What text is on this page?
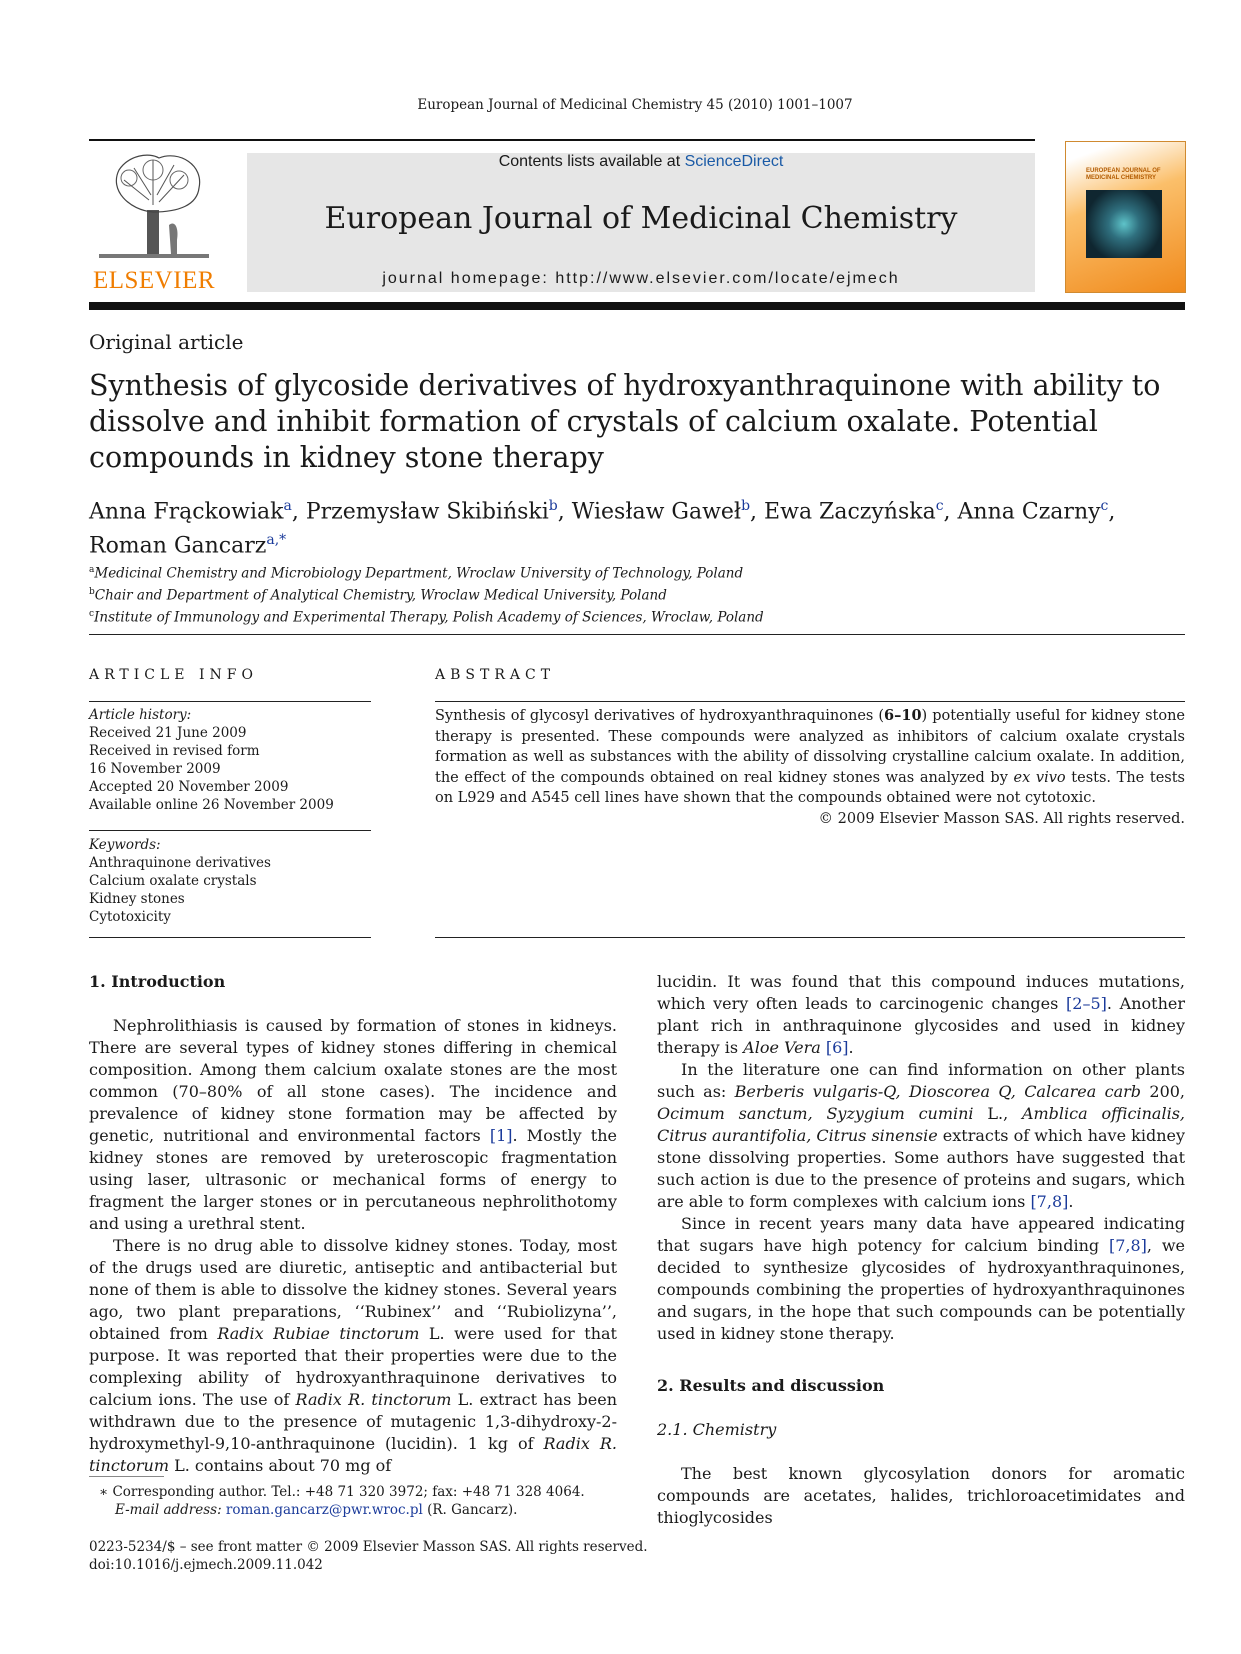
European Journal of Medicinal Chemistry 45 (2010) 1001–1007
ELSEVIER
Contents lists available at ScienceDirect
European Journal of Medicinal Chemistry
journal homepage: http://www.elsevier.com/locate/ejmech
EUROPEAN JOURNAL OF MEDICINAL CHEMISTRY
Original article
Synthesis of glycoside derivatives of hydroxyanthraquinone with ability to dissolve and inhibit formation of crystals of calcium oxalate. Potential compounds in kidney stone therapy
Anna Frąckowiak$^a$, Przemysław Skibiński$^b$, Wiesław Gaweł$^b$, Ewa Zaczyńska$^c$, Anna Czarny$^c$,
Roman Gancarz$^{a,*}$
$^a$Medicinal Chemistry and Microbiology Department, Wroclaw University of Technology, Poland
$^b$Chair and Department of Analytical Chemistry, Wroclaw Medical University, Poland
$^c$Institute of Immunology and Experimental Therapy, Polish Academy of Sciences, Wroclaw, Poland
ARTICLE INFO
Article history:
Received 21 June 2009
Received in revised form
16 November 2009
Accepted 20 November 2009
Available online 26 November 2009
Keywords:
Anthraquinone derivatives
Calcium oxalate crystals
Kidney stones
Cytotoxicity
ABSTRACT
Synthesis of glycosyl derivatives of hydroxyanthraquinones (6–10) potentially useful for kidney stone therapy is presented. These compounds were analyzed as inhibitors of calcium oxalate crystals formation as well as substances with the ability of dissolving crystalline calcium oxalate. In addition, the effect of the compounds obtained on real kidney stones was analyzed by ex vivo tests. The tests on L929 and A545 cell lines have shown that the compounds obtained were not cytotoxic.
© 2009 Elsevier Masson SAS. All rights reserved.

1. Introduction

Nephrolithiasis is caused by formation of stones in kidneys. There are several types of kidney stones differing in chemical composition. Among them calcium oxalate stones are the most common (70–80% of all stone cases). The incidence and prevalence of kidney stone formation may be affected by genetic, nutritional and environmental factors [1]. Mostly the kidney stones are removed by ureteroscopic fragmentation using laser, ultrasonic or mechanical forms of energy to fragment the larger stones or in percutaneous nephrolithotomy and using a urethral stent.

There is no drug able to dissolve kidney stones. Today, most of the drugs used are diuretic, antiseptic and antibacterial but none of them is able to dissolve the kidney stones. Several years ago, two plant preparations, ‘‘Rubinex’’ and ‘‘Rubiolizyna’’, obtained from Radix Rubiae tinctorum L. were used for that purpose. It was reported that their properties were due to the complexing ability of hydroxyanthraquinone derivatives to calcium ions. The use of Radix R. tinctorum L. extract has been withdrawn due to the presence of mutagenic 1,3-dihydroxy-2-hydroxymethyl-9,10-anthraquinone (lucidin). 1 kg of Radix R. tinctorum L. contains about 70 mg of

lucidin. It was found that this compound induces mutations, which very often leads to carcinogenic changes [2–5]. Another plant rich in anthraquinone glycosides and used in kidney therapy is Aloe Vera [6].

In the literature one can find information on other plants such as: Berberis vulgaris-Q, Dioscorea Q, Calcarea carb 200, Ocimum sanctum, Syzygium cumini L., Amblica officinalis, Citrus aurantifolia, Citrus sinensie extracts of which have kidney stone dissolving properties. Some authors have suggested that such action is due to the presence of proteins and sugars, which are able to form complexes with calcium ions [7,8].

Since in recent years many data have appeared indicating that sugars have high potency for calcium binding [7,8], we decided to synthesize glycosides of hydroxyanthraquinones, compounds combining the properties of hydroxyanthraquinones and sugars, in the hope that such compounds can be potentially used in kidney stone therapy.

2. Results and discussion

2.1. Chemistry

The best known glycosylation donors for aromatic compounds are acetates, halides, trichloroacetimidates and thioglycosides

∗ Corresponding author. Tel.: +48 71 320 3972; fax: +48 71 328 4064.
E-mail address: roman.gancarz@pwr.wroc.pl (R. Gancarz).
0223-5234/$ – see front matter © 2009 Elsevier Masson SAS. All rights reserved.
doi:10.1016/j.ejmech.2009.11.042
